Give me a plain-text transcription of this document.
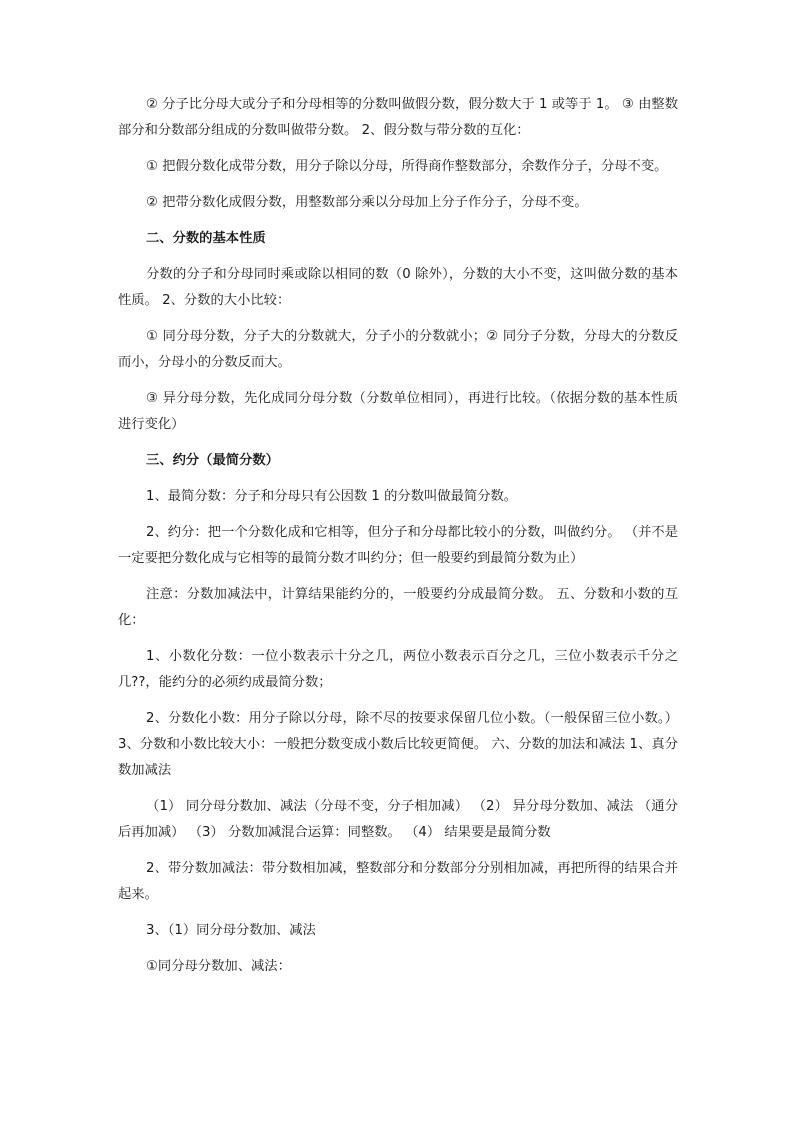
② 分子比分母大或分子和分母相等的分数叫做假分数，假分数大于 1 或等于 1。 ③ 由整数部分和分数部分组成的分数叫做带分数。 2、假分数与带分数的互化：

① 把假分数化成带分数，用分子除以分母，所得商作整数部分，余数作分子，分母不变。

② 把带分数化成假分数，用整数部分乘以分母加上分子作分子，分母不变。

二、分数的基本性质

分数的分子和分母同时乘或除以相同的数（0 除外），分数的大小不变，这叫做分数的基本性质。 2、分数的大小比较：

① 同分母分数，分子大的分数就大，分子小的分数就小；② 同分子分数，分母大的分数反而小，分母小的分数反而大。

③ 异分母分数，先化成同分母分数（分数单位相同），再进行比较。（依据分数的基本性质进行变化）

三、约分（最简分数）

1、最简分数：分子和分母只有公因数 1 的分数叫做最简分数。

2、约分：把一个分数化成和它相等，但分子和分母都比较小的分数，叫做约分。 （并不是一定要把分数化成与它相等的最简分数才叫约分；但一般要约到最简分数为止）

注意：分数加减法中，计算结果能约分的，一般要约分成最简分数。 五、分数和小数的互化：

1、小数化分数：一位小数表示十分之几，两位小数表示百分之几，三位小数表示千分之几??，能约分的必须约成最简分数；

2、分数化小数：用分子除以分母，除不尽的按要求保留几位小数。（一般保留三位小数。） 3、分数和小数比较大小：一般把分数变成小数后比较更简便。 六、分数的加法和减法 1、真分数加减法

（1） 同分母分数加、减法（分母不变，分子相加减） （2） 异分母分数加、减法 （通分后再加减） （3） 分数加减混合运算：同整数。 （4） 结果要是最简分数

2、带分数加减法：带分数相加减，整数部分和分数部分分别相加减，再把所得的结果合并起来。

3、（1）同分母分数加、减法

①同分母分数加、减法：
